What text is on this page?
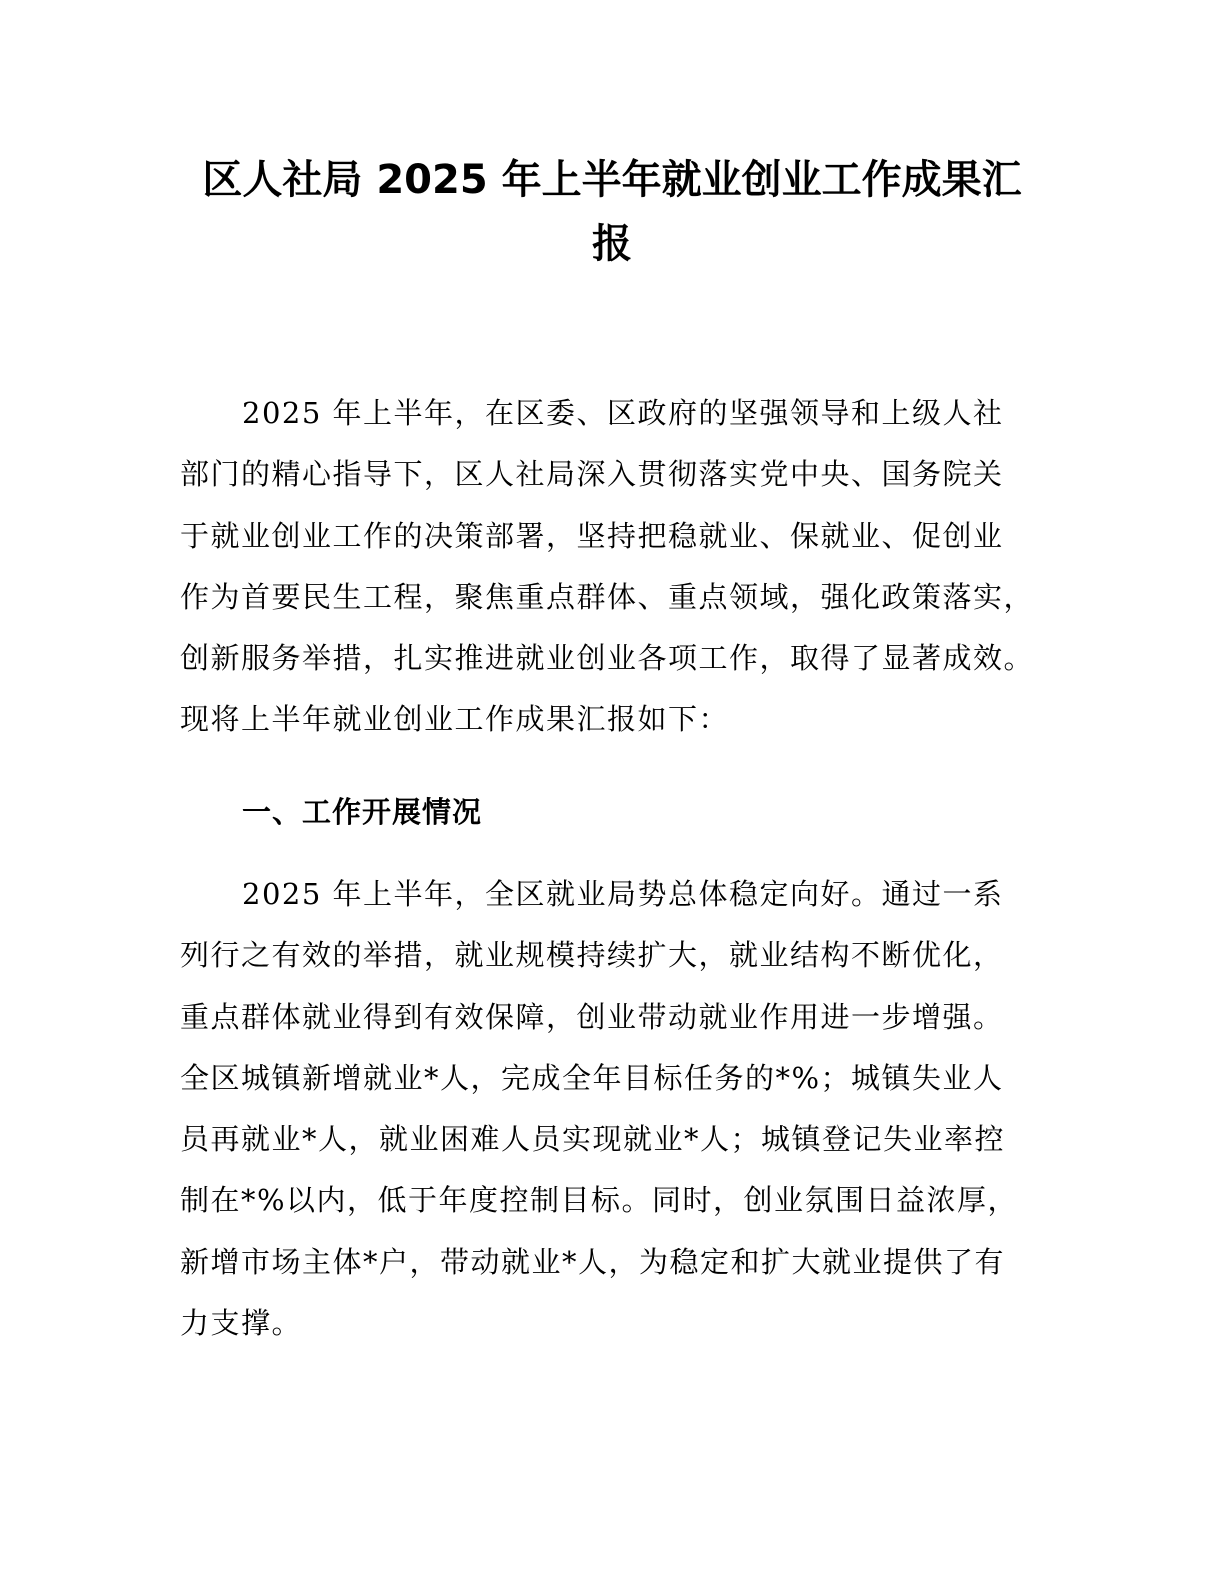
区人社局 2025 年上半年就业创业工作成果汇
报
2025 年上半年，在区委、区政府的坚强领导和上级人社
部门的精心指导下，区人社局深入贯彻落实党中央、国务院关
于就业创业工作的决策部署，坚持把稳就业、保就业、促创业
作为首要民生工程，聚焦重点群体、重点领域，强化政策落实，
创新服务举措，扎实推进就业创业各项工作，取得了显著成效。
现将上半年就业创业工作成果汇报如下：
一、工作开展情况
2025 年上半年，全区就业局势总体稳定向好。通过一系
列行之有效的举措，就业规模持续扩大，就业结构不断优化，
重点群体就业得到有效保障，创业带动就业作用进一步增强。
全区城镇新增就业*人，完成全年目标任务的*%；城镇失业人
员再就业*人，就业困难人员实现就业*人；城镇登记失业率控
制在*%以内，低于年度控制目标。同时，创业氛围日益浓厚，
新增市场主体*户，带动就业*人，为稳定和扩大就业提供了有
力支撑。
